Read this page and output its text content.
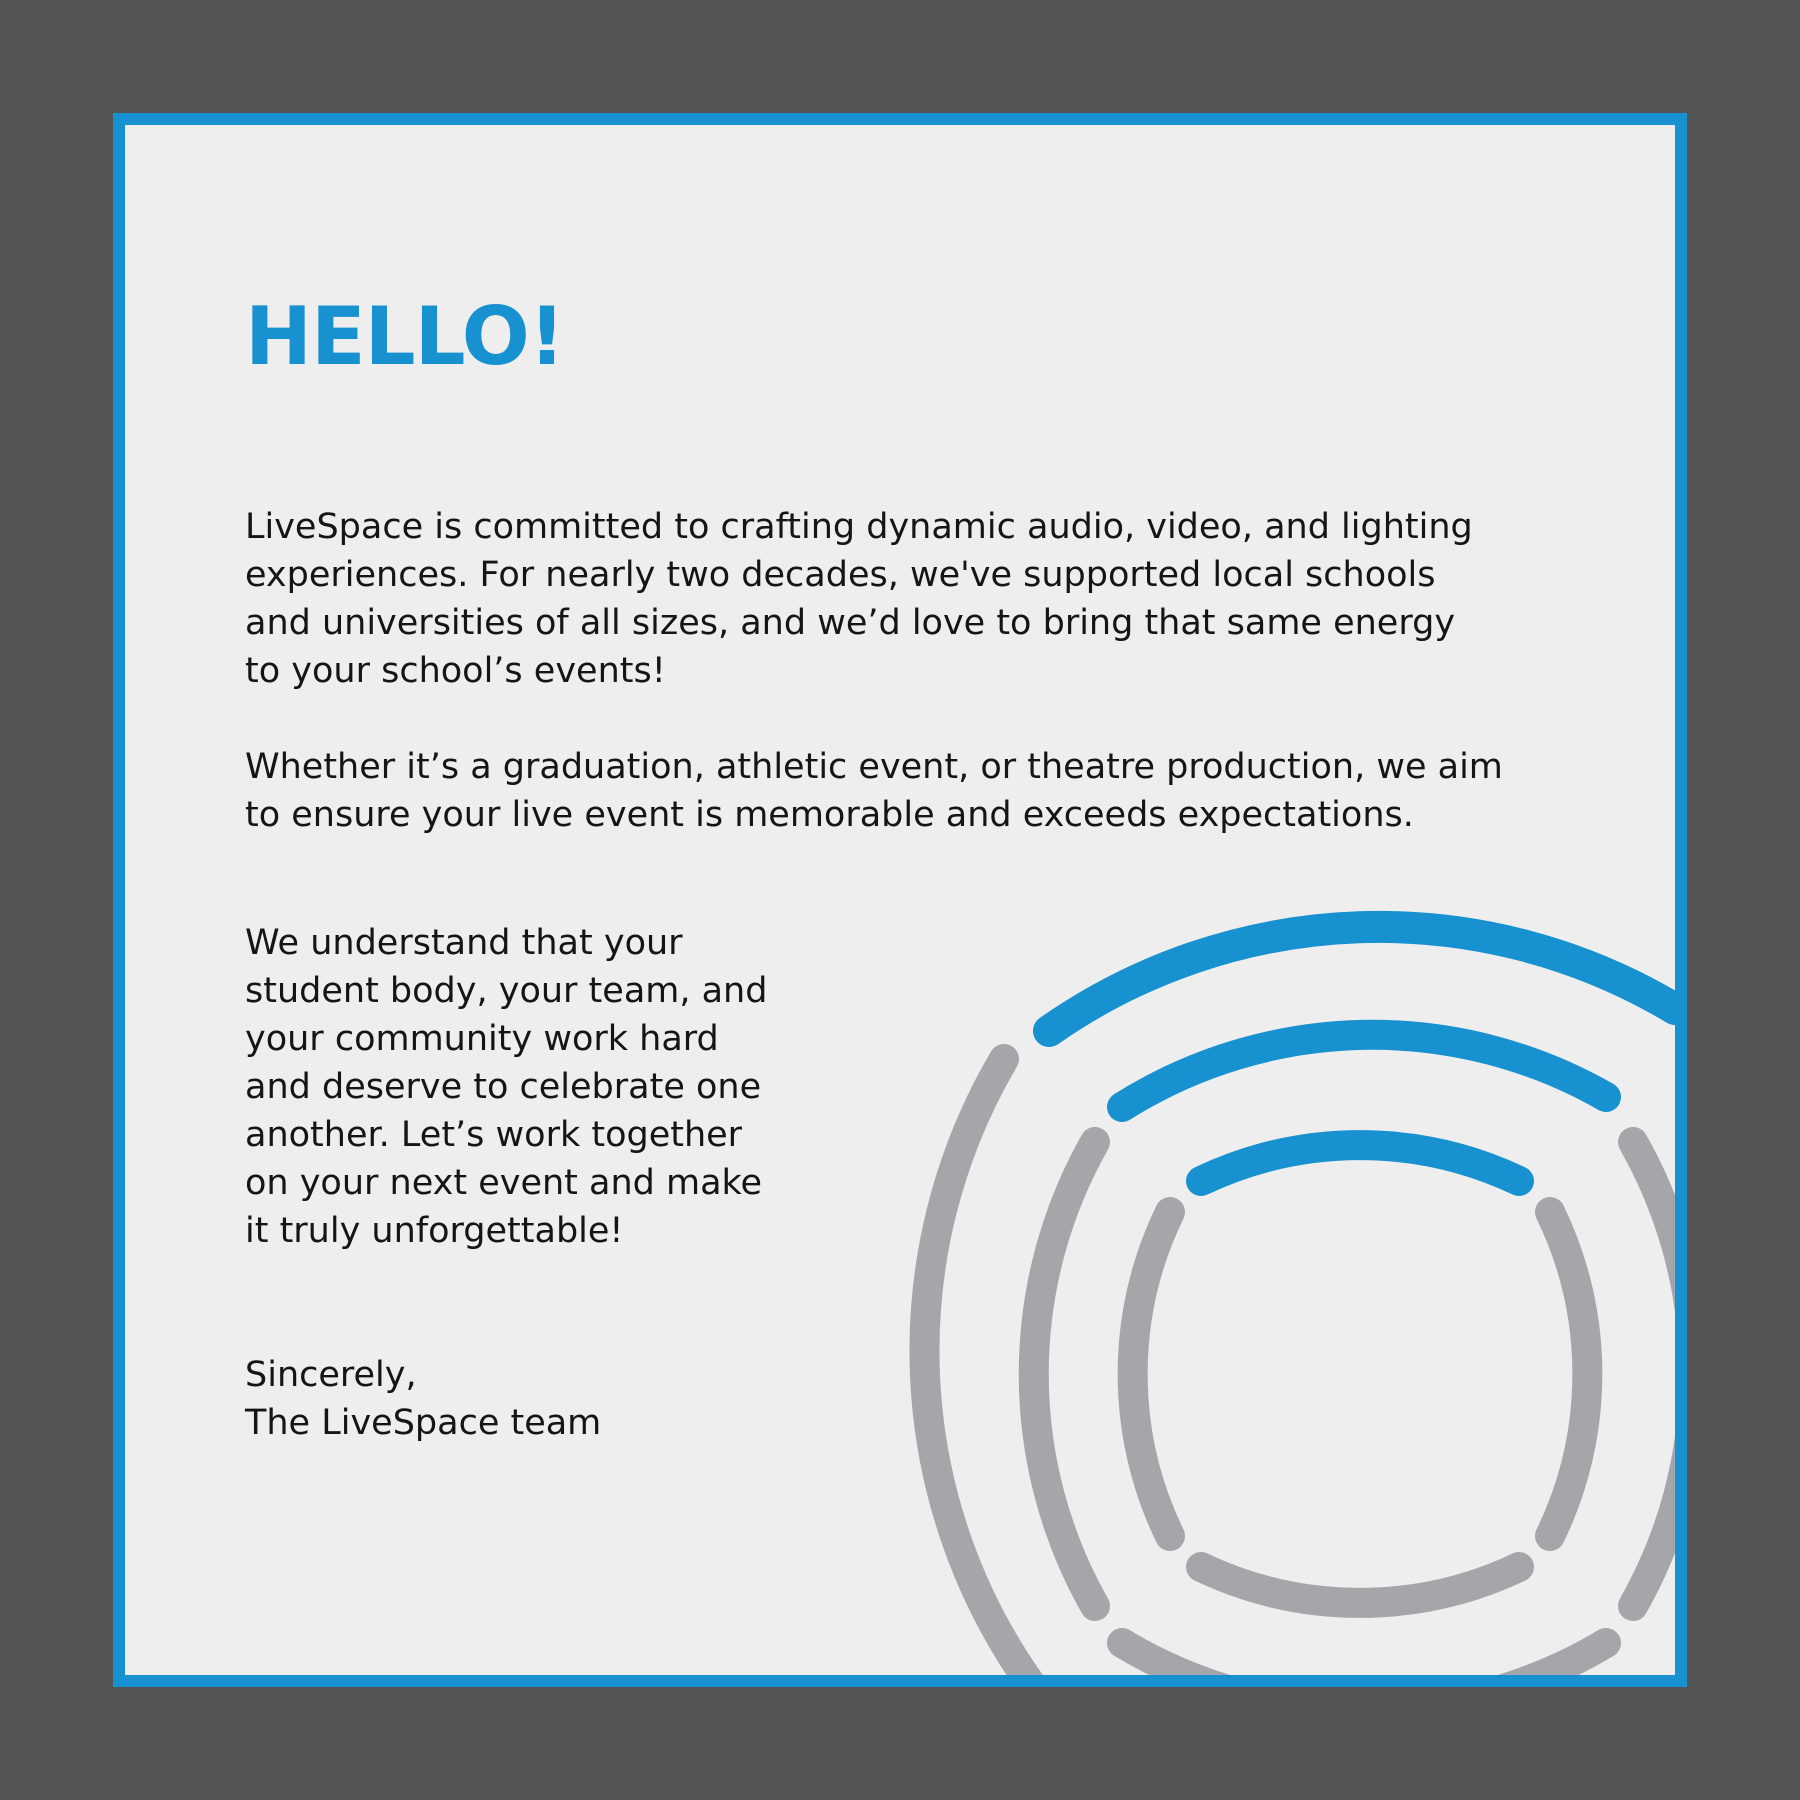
HELLO!

LiveSpace is committed to crafting dynamic audio, video, and lighting
experiences. For nearly two decades, we've supported local schools
and universities of all sizes, and we’d love to bring that same energy
to your school’s events!

Whether it’s a graduation, athletic event, or theatre production, we aim
to ensure your live event is memorable and exceeds expectations.

We understand that your
student body, your team, and
your community work hard
and deserve to celebrate one
another. Let’s work together
on your next event and make
it truly unforgettable!

Sincerely,
The LiveSpace team
